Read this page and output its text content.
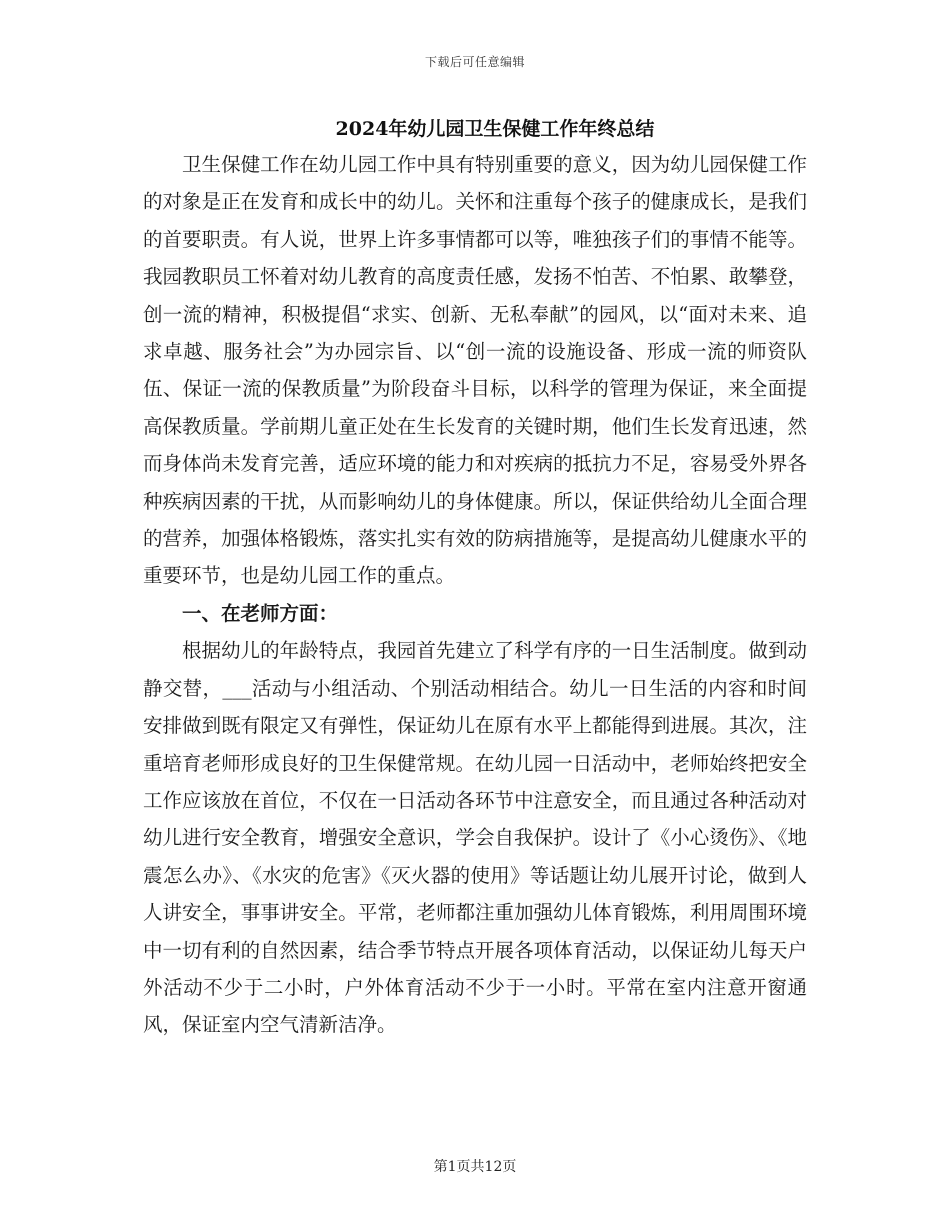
下载后可任意编辑
2024年幼儿园卫生保健工作年终总结

卫生保健工作在幼儿园工作中具有特别重要的意义，因为幼儿园保健工作的对象是正在发育和成长中的幼儿。关怀和注重每个孩子的健康成长，是我们的首要职责。有人说，世界上许多事情都可以等，唯独孩子们的事情不能等。我园教职员工怀着对幼儿教育的高度责任感，发扬不怕苦、不怕累、敢攀登，创一流的精神，积极提倡“求实、创新、无私奉献”的园风，以“面对未来、追求卓越、服务社会”为办园宗旨、以“创一流的设施设备、形成一流的师资队伍、保证一流的保教质量”为阶段奋斗目标，以科学的管理为保证，来全面提高保教质量。学前期儿童正处在生长发育的关键时期，他们生长发育迅速，然而身体尚未发育完善，适应环境的能力和对疾病的抵抗力不足，容易受外界各种疾病因素的干扰，从而影响幼儿的身体健康。所以，保证供给幼儿全面合理的营养，加强体格锻炼，落实扎实有效的防病措施等，是提高幼儿健康水平的重要环节，也是幼儿园工作的重点。

一、在老师方面：

根据幼儿的年龄特点，我园首先建立了科学有序的一日生活制度。做到动静交替，___活动与小组活动、个别活动相结合。幼儿一日生活的内容和时间安排做到既有限定又有弹性，保证幼儿在原有水平上都能得到进展。其次，注重培育老师形成良好的卫生保健常规。在幼儿园一日活动中，老师始终把安全工作应该放在首位，不仅在一日活动各环节中注意安全，而且通过各种活动对幼儿进行安全教育，增强安全意识，学会自我保护。设计了《小心烫伤》、《地震怎么办》、《水灾的危害》《灭火器的使用》等话题让幼儿展开讨论，做到人人讲安全，事事讲安全。平常，老师都注重加强幼儿体育锻炼，利用周围环境中一切有利的自然因素，结合季节特点开展各项体育活动，以保证幼儿每天户外活动不少于二小时，户外体育活动不少于一小时。平常在室内注意开窗通风，保证室内空气清新洁净。

第1页共12页
